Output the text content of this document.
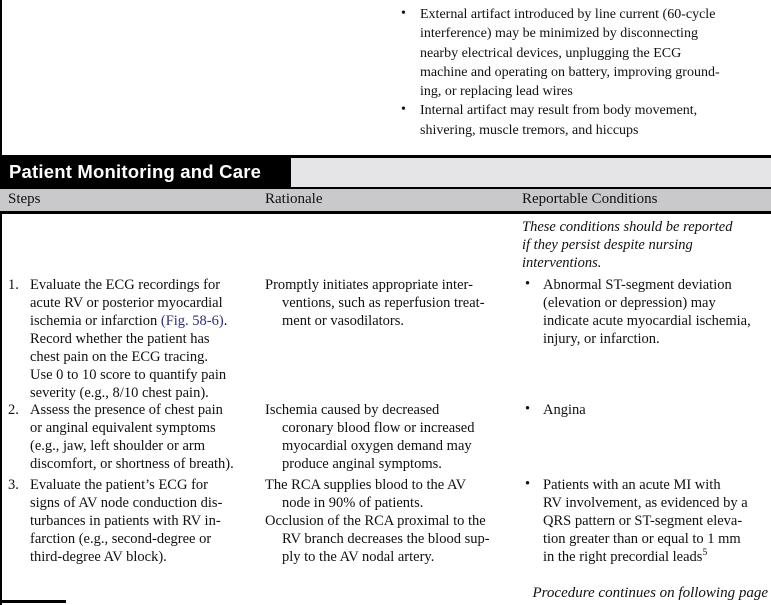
• External artifact introduced by line current (60-cycle
interference) may be minimized by disconnecting
nearby electrical devices, unplugging the ECG
machine and operating on battery, improving ground-
ing, or replacing lead wires
• Internal artifact may result from body movement,
shivering, muscle tremors, and hiccups
Patient Monitoring and Care
Steps	Rationale	Reportable Conditions
These conditions should be reported
if they persist despite nursing
interventions.
1. Evaluate the ECG recordings for
acute RV or posterior myocardial
ischemia or infarction (Fig. 58-6).
Record whether the patient has
chest pain on the ECG tracing.
Use 0 to 10 score to quantify pain
severity (e.g., 8/10 chest pain).
Promptly initiates appropriate inter-
ventions, such as reperfusion treat-
ment or vasodilators.
• Abnormal ST-segment deviation
(elevation or depression) may
indicate acute myocardial ischemia,
injury, or infarction.
2. Assess the presence of chest pain
or anginal equivalent symptoms
(e.g., jaw, left shoulder or arm
discomfort, or shortness of breath).
Ischemia caused by decreased
coronary blood flow or increased
myocardial oxygen demand may
produce anginal symptoms.
• Angina
3. Evaluate the patient’s ECG for
signs of AV node conduction dis-
turbances in patients with RV in-
farction (e.g., second-degree or
third-degree AV block).
The RCA supplies blood to the AV
node in 90% of patients.
Occlusion of the RCA proximal to the
RV branch decreases the blood sup-
ply to the AV nodal artery.
• Patients with an acute MI with
RV involvement, as evidenced by a
QRS pattern or ST-segment eleva-
tion greater than or equal to 1 mm
in the right precordial leads$^5$
Procedure continues on following page
